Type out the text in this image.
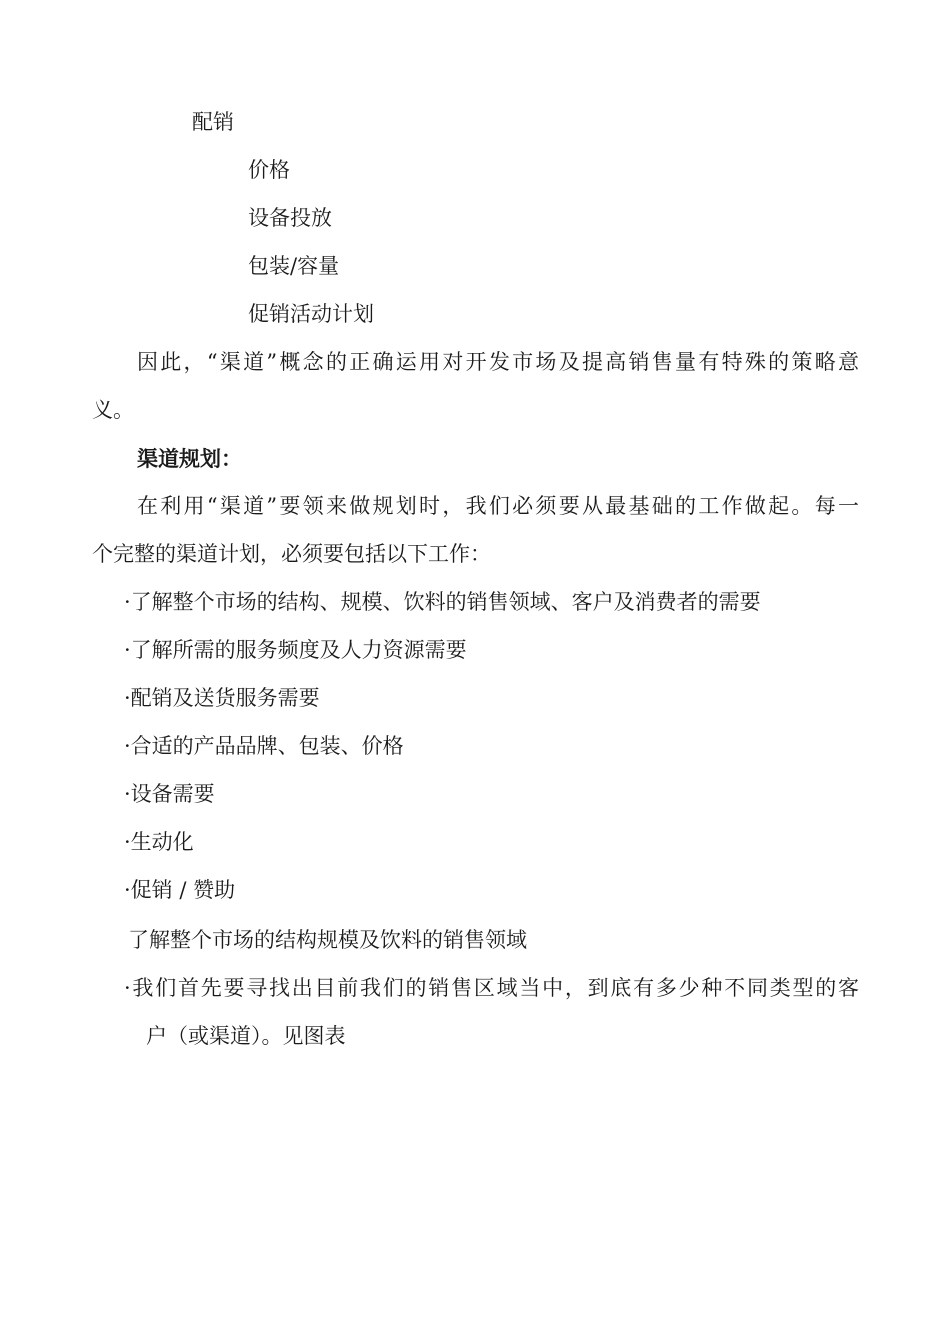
配销
价格
设备投放
包装/容量
促销活动计划
因此，“渠道”概念的正确运用对开发市场及提高销售量有特殊的策略意
义。
渠道规划：
在利用“渠道”要领来做规划时，我们必须要从最基础的工作做起。每一
个完整的渠道计划，必须要包括以下工作：
·了解整个市场的结构、规模、饮料的销售领域、客户及消费者的需要
·了解所需的服务频度及人力资源需要
·配销及送货服务需要
·合适的产品品牌、包装、价格
·设备需要
·生动化
·促销 / 赞助
了解整个市场的结构规模及饮料的销售领域
·我们首先要寻找出目前我们的销售区域当中，到底有多少种不同类型的客
户（或渠道）。见图表
